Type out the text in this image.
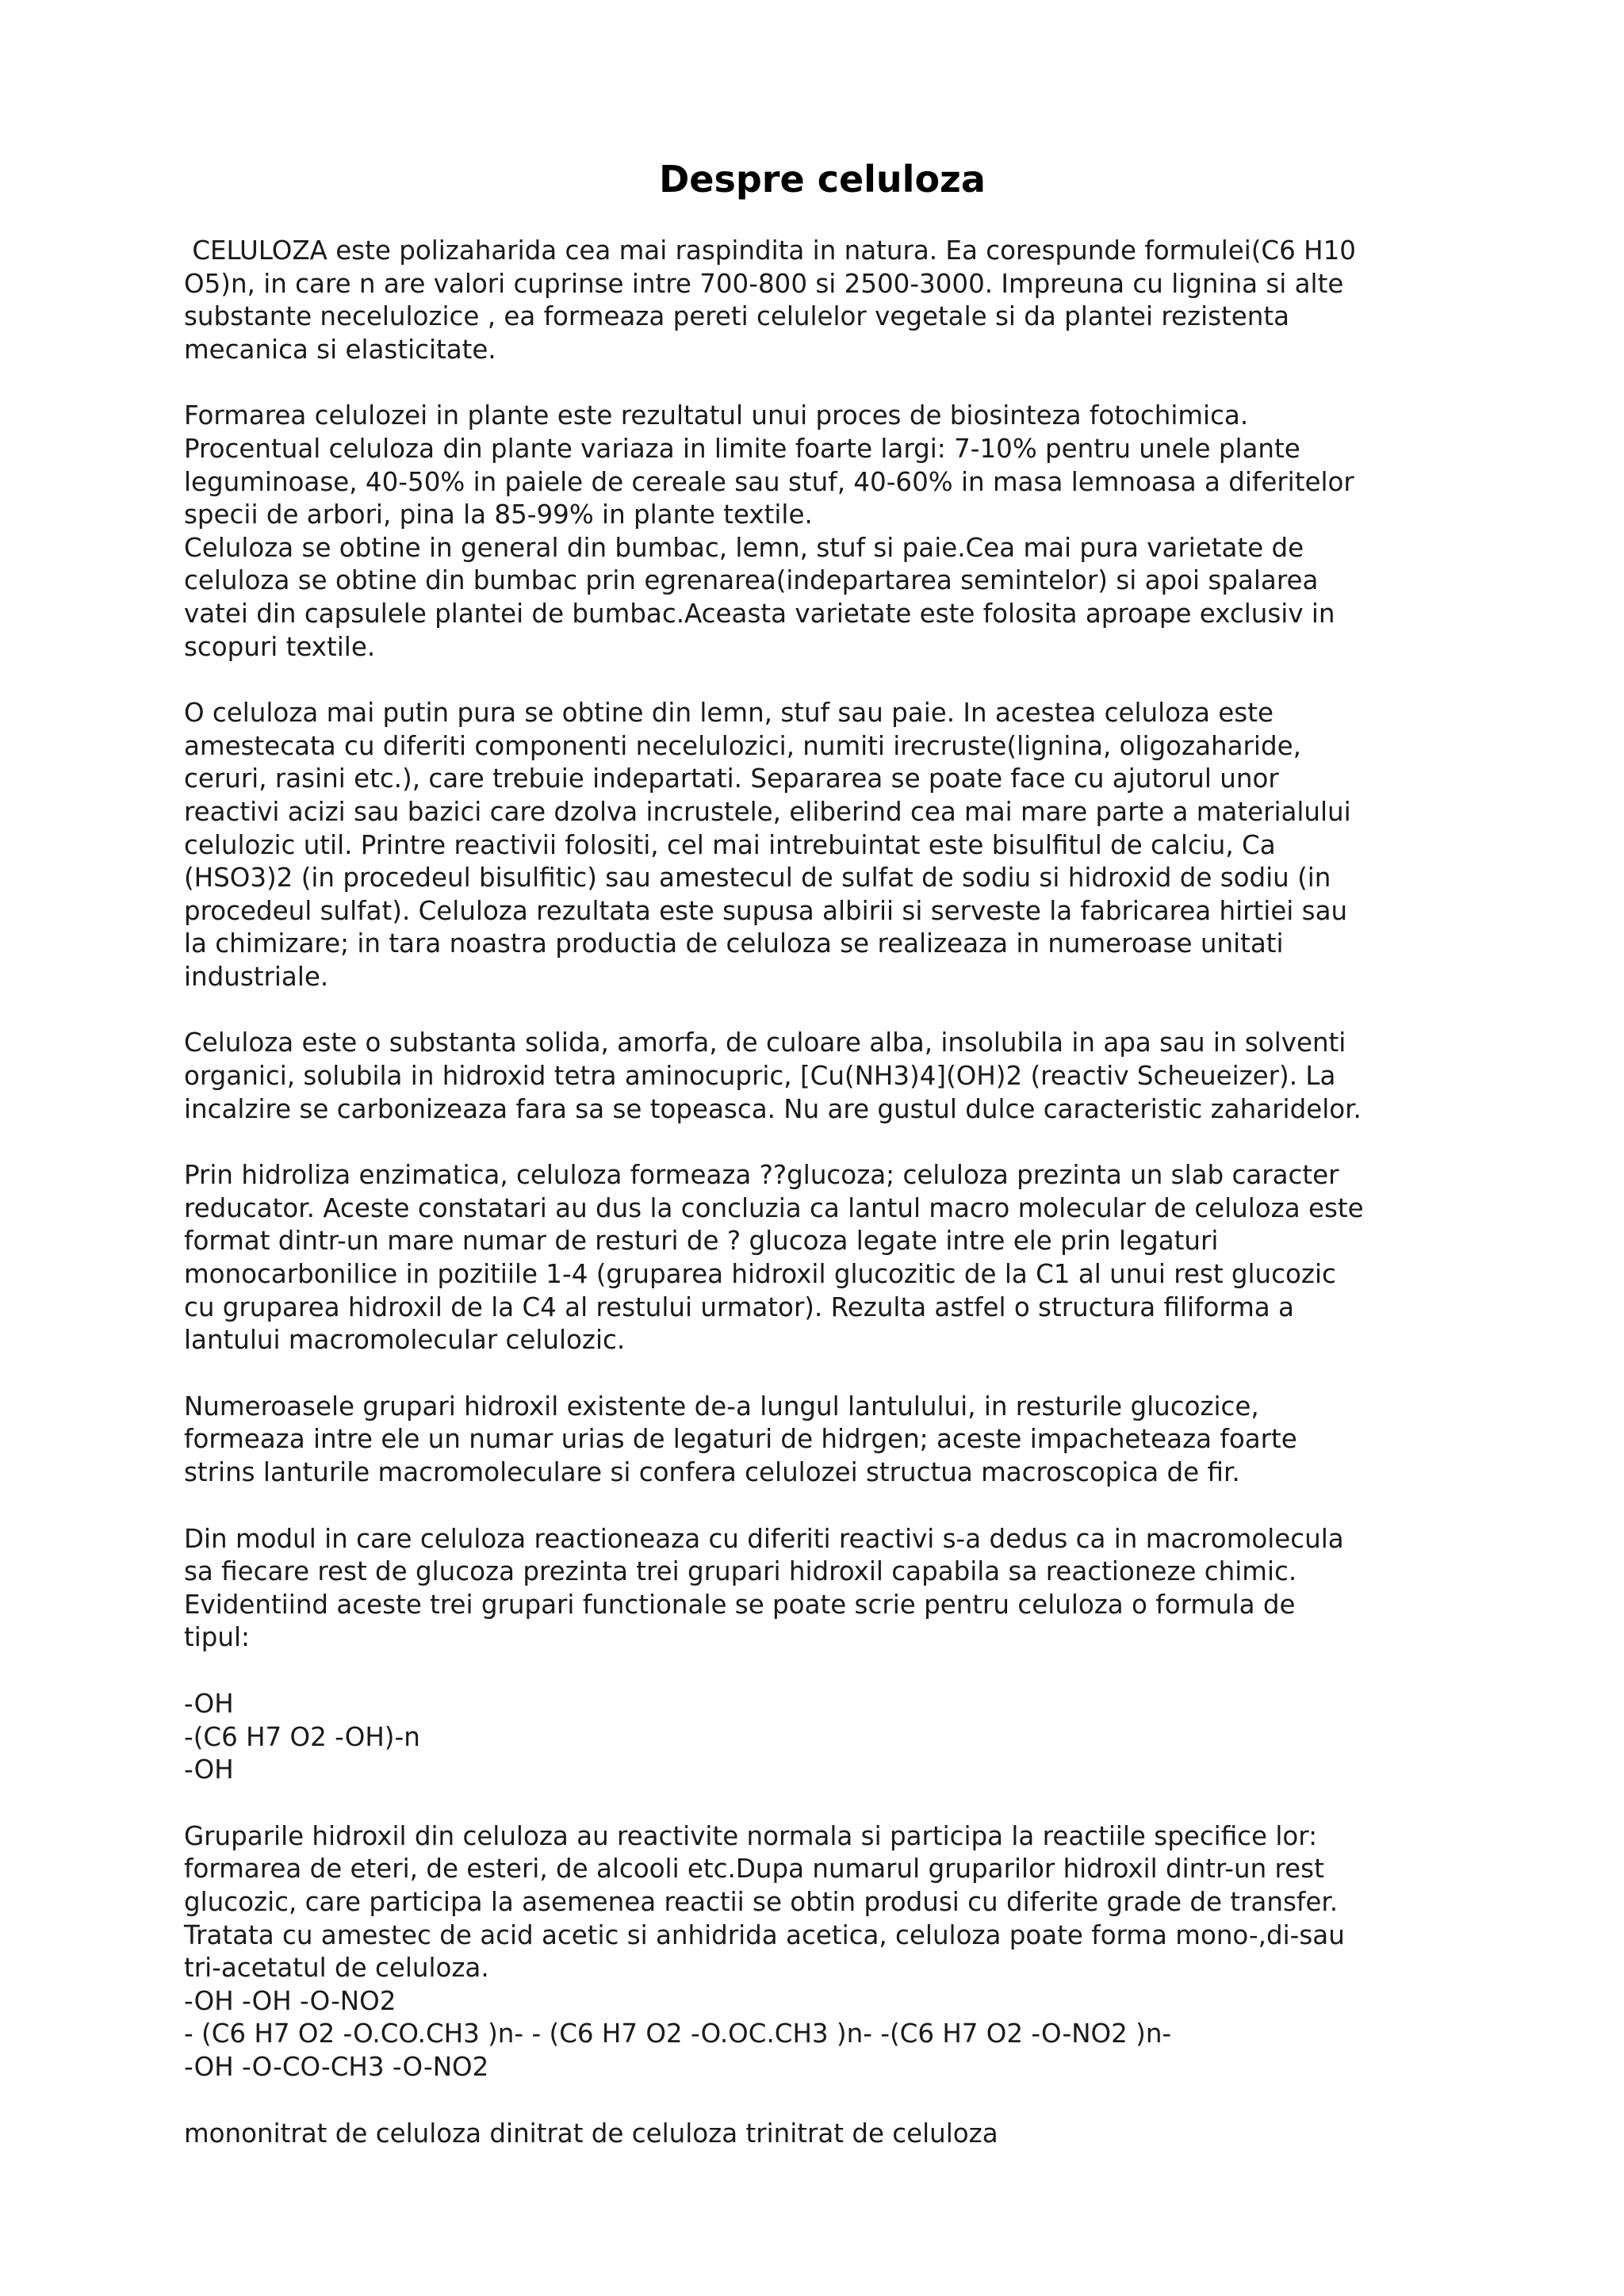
Despre celuloza
CELULOZA este polizaharida cea mai raspindita in natura. Ea corespunde formulei(C6 H10
O5)n, in care n are valori cuprinse intre 700-800 si 2500-3000. Impreuna cu lignina si alte
substante necelulozice , ea formeaza pereti celulelor vegetale si da plantei rezistenta
mecanica si elasticitate.
Formarea celulozei in plante este rezultatul unui proces de biosinteza fotochimica.
Procentual celuloza din plante variaza in limite foarte largi: 7-10% pentru unele plante
leguminoase, 40-50% in paiele de cereale sau stuf, 40-60% in masa lemnoasa a diferitelor
specii de arbori, pina la 85-99% in plante textile.
Celuloza se obtine in general din bumbac, lemn, stuf si paie.Cea mai pura varietate de
celuloza se obtine din bumbac prin egrenarea(indepartarea semintelor) si apoi spalarea
vatei din capsulele plantei de bumbac.Aceasta varietate este folosita aproape exclusiv in
scopuri textile.
O celuloza mai putin pura se obtine din lemn, stuf sau paie. In acestea celuloza este
amestecata cu diferiti componenti necelulozici, numiti irecruste(lignina, oligozaharide,
ceruri, rasini etc.), care trebuie indepartati. Separarea se poate face cu ajutorul unor
reactivi acizi sau bazici care dzolva incrustele, eliberind cea mai mare parte a materialului
celulozic util. Printre reactivii folositi, cel mai intrebuintat este bisulfitul de calciu, Ca
(HSO3)2 (in procedeul bisulfitic) sau amestecul de sulfat de sodiu si hidroxid de sodiu (in
procedeul sulfat). Celuloza rezultata este supusa albirii si serveste la fabricarea hirtiei sau
la chimizare; in tara noastra productia de celuloza se realizeaza in numeroase unitati
industriale.
Celuloza este o substanta solida, amorfa, de culoare alba, insolubila in apa sau in solventi
organici, solubila in hidroxid tetra aminocupric, [Cu(NH3)4](OH)2 (reactiv Scheueizer). La
incalzire se carbonizeaza fara sa se topeasca. Nu are gustul dulce caracteristic zaharidelor.
Prin hidroliza enzimatica, celuloza formeaza ??glucoza; celuloza prezinta un slab caracter
reducator. Aceste constatari au dus la concluzia ca lantul macro molecular de celuloza este
format dintr-un mare numar de resturi de ? glucoza legate intre ele prin legaturi
monocarbonilice in pozitiile 1-4 (gruparea hidroxil glucozitic de la C1 al unui rest glucozic
cu gruparea hidroxil de la C4 al restului urmator). Rezulta astfel o structura filiforma a
lantului macromolecular celulozic.
Numeroasele grupari hidroxil existente de-a lungul lantulului, in resturile glucozice,
formeaza intre ele un numar urias de legaturi de hidrgen; aceste impacheteaza foarte
strins lanturile macromoleculare si confera celulozei structua macroscopica de fir.
Din modul in care celuloza reactioneaza cu diferiti reactivi s-a dedus ca in macromolecula
sa fiecare rest de glucoza prezinta trei grupari hidroxil capabila sa reactioneze chimic.
Evidentiind aceste trei grupari functionale se poate scrie pentru celuloza o formula de
tipul:
-OH
-(C6 H7 O2 -OH)-n
-OH
Gruparile hidroxil din celuloza au reactivite normala si participa la reactiile specifice lor:
formarea de eteri, de esteri, de alcooli etc.Dupa numarul gruparilor hidroxil dintr-un rest
glucozic, care participa la asemenea reactii se obtin produsi cu diferite grade de transfer.
Tratata cu amestec de acid acetic si anhidrida acetica, celuloza poate forma mono-,di-sau
tri-acetatul de celuloza.
-OH -OH -O-NO2
- (C6 H7 O2 -O.CO.CH3 )n- - (C6 H7 O2 -O.OC.CH3 )n- -(C6 H7 O2 -O-NO2 )n-
-OH -O-CO-CH3 -O-NO2
mononitrat de celuloza dinitrat de celuloza trinitrat de celuloza
